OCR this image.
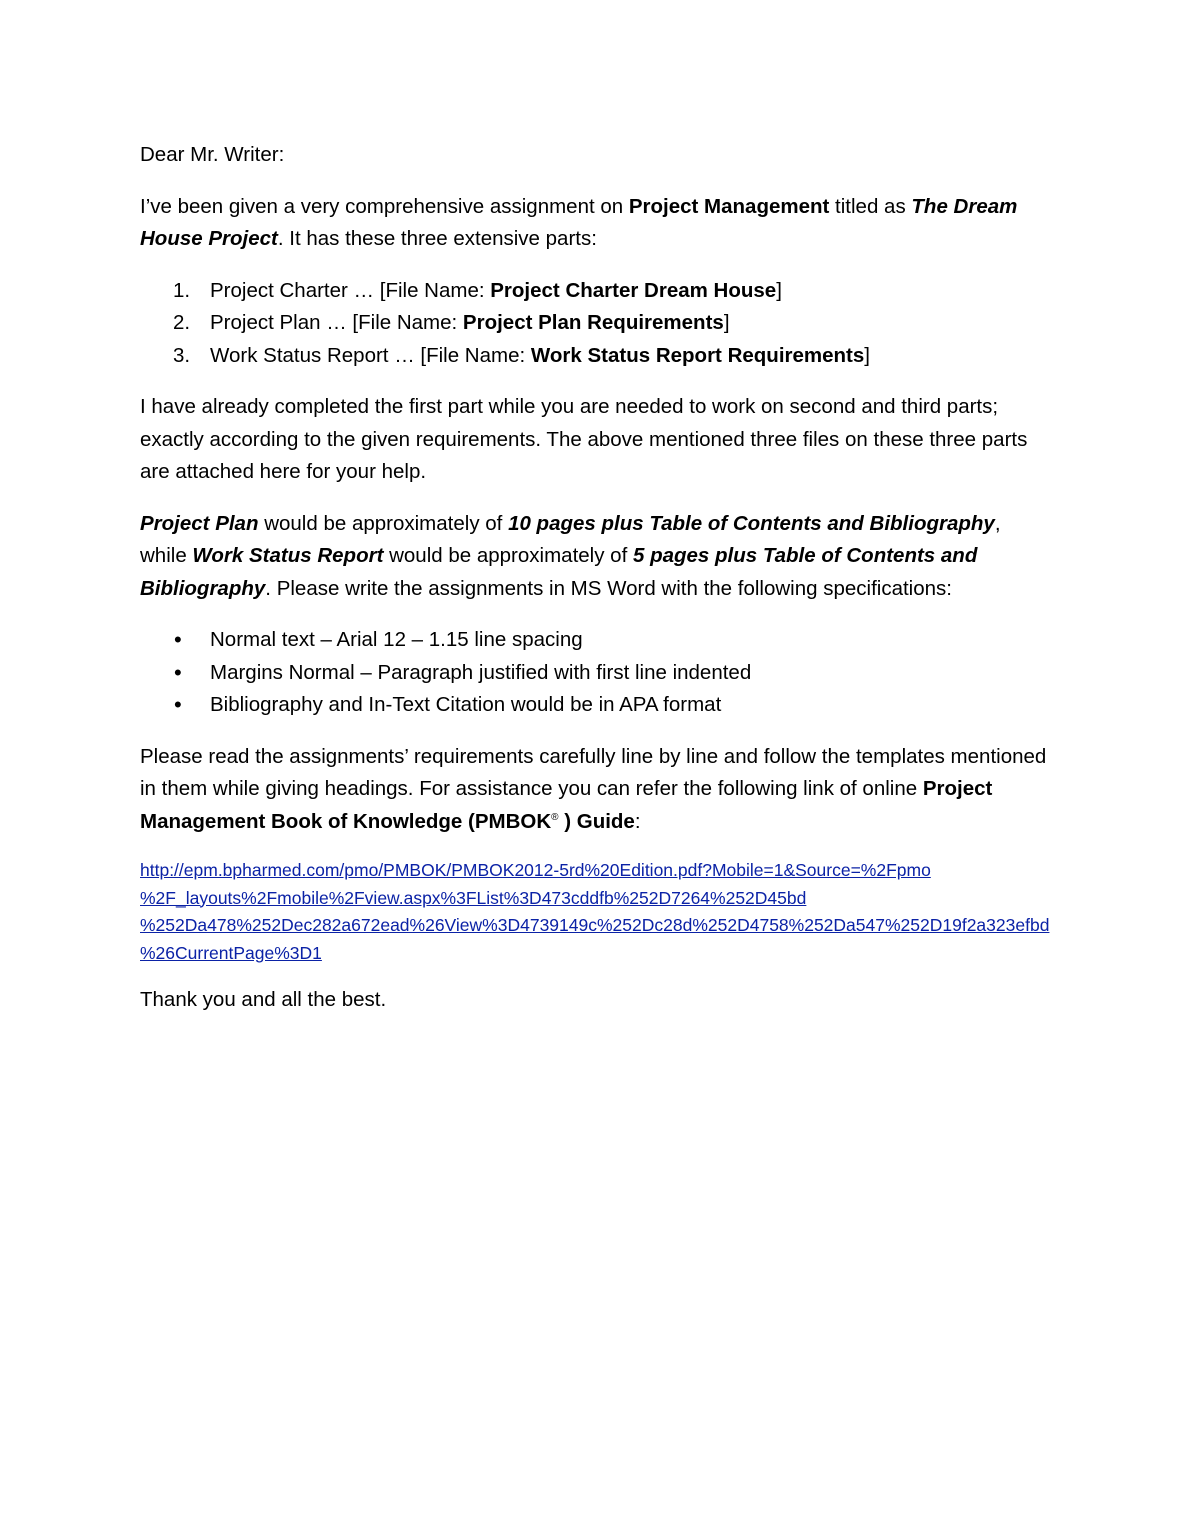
Dear Mr. Writer:

I’ve been given a very comprehensive assignment on Project Management titled as The Dream House Project. It has these three extensive parts:

1. Project Charter … [File Name: Project Charter Dream House]
2. Project Plan … [File Name: Project Plan Requirements]
3. Work Status Report … [File Name: Work Status Report Requirements]

I have already completed the first part while you are needed to work on second and third parts; exactly according to the given requirements. The above mentioned three files on these three parts are attached here for your help.

Project Plan would be approximately of 10 pages plus Table of Contents and Bibliography, while Work Status Report would be approximately of 5 pages plus Table of Contents and Bibliography. Please write the assignments in MS Word with the following specifications:

• Normal text – Arial 12 – 1.15 line spacing
• Margins Normal – Paragraph justified with first line indented
• Bibliography and In-Text Citation would be in APA format

Please read the assignments’ requirements carefully line by line and follow the templates mentioned in them while giving headings. For assistance you can refer the following link of online Project Management Book of Knowledge (PMBOK® ) Guide:

http://epm.bpharmed.com/pmo/PMBOK/PMBOK2012-5rd%20Edition.pdf?Mobile=1&Source=%2Fpmo
%2F_layouts%2Fmobile%2Fview.aspx%3FList%3D473cddfb%252D7264%252D45bd
%252Da478%252Dec282a672ead%26View%3D4739149c%252Dc28d%252D4758%252Da547%252D19f2a323efbd
%26CurrentPage%3D1

Thank you and all the best.
